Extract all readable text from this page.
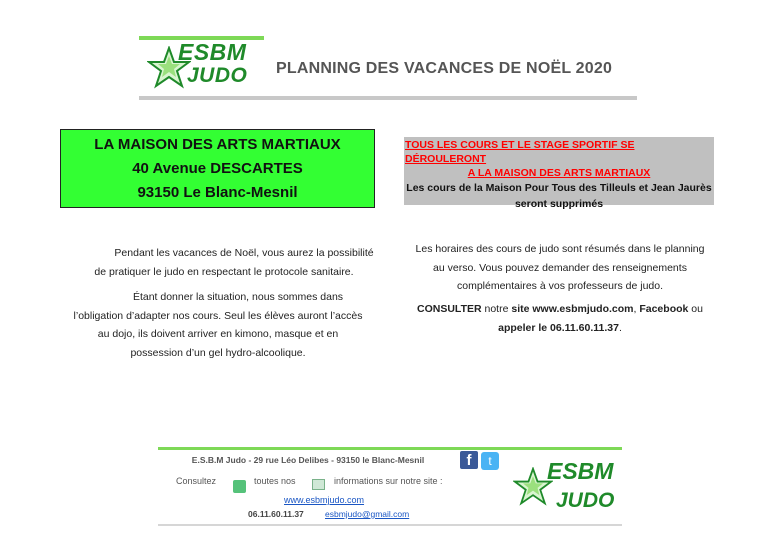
ESBM
JUDO PLANNING DES VACANCES DE NOËL 2020
LA MAISON DES ARTS MARTIAUX
40 Avenue DESCARTES
93150 Le Blanc-Mesnil
TOUS LES COURS ET LE STAGE SPORTIF SE DÉROULERONT
A LA MAISON DES ARTS MARTIAUX
Les cours de la Maison Pour Tous des Tilleuls et Jean Jaurès
seront supprimés
Pendant les vacances de Noël, vous aurez la possibilité
de pratiquer le judo en respectant le protocole sanitaire.
Étant donner la situation, nous sommes dans
l’obligation d’adapter nos cours. Seul les élèves auront l’accès
au dojo, ils doivent arriver en kimono, masque et en
possession d’un gel hydro-alcoolique.
Les horaires des cours de judo sont résumés dans le planning
au verso. Vous pouvez demander des renseignements
complémentaires à vos professeurs de judo.
CONSULTER notre site www.esbmjudo.com, Facebook ou
appeler le 06.11.60.11.37.
E.S.B.M Judo - 29 rue Léo Delibes - 93150 le Blanc-Mesnil	f	t
Consultez	toutes nos	informations sur notre site :
www.esbmjudo.com
06.11.60.11.37 esbmjudo@gmail.com
ESBM
JUDO
